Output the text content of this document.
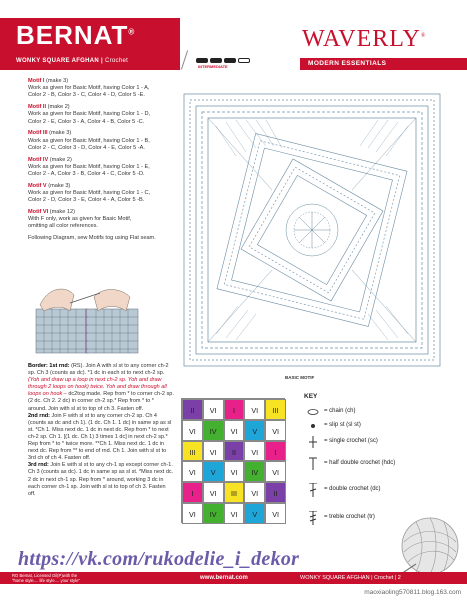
BERNAT®
WONKY SQUARE AFGHAN | Crochet
INTERMEDIATE
WAVERLY®
MODERN ESSENTIALS
Motif I (make 3)
Work as given for Basic Motif, having Color 1 - A,
Color 2 - B, Color 3 - C, Color 4 - D, Color 5 -E.
Motif II (make 2)
Work as given for Basic Motif, having Color 1 - D,
Color 2 - E, Color 3 - A, Color 4 - B, Color 5 -C.
Motif III (make 3)
Work as given for Basic Motif, having Color 1 - B,
Color 2 - C, Color 3 - D, Color 4 - E, Color 5 -A.
Motif IV (make 2)
Work as given for Basic Motif, having Color 1 - E,
Color 2 - A, Color 3 - B, Color 4 - C, Color 5 -D.
Motif V (make 3)
Work as given for Basic Motif, having Color 1 - C,
Color 2 - D, Color 3 - E, Color 4 - A, Color 5 -B.
Motif VI (make 12)
With F only, work as given for Basic Motif,
omitting all color references.
Following Diagram, sew Motifs tog using Flat seam.
Border: 1st rnd: (RS). Join A with sl st to any corner ch-2 sp. Ch 3 (counts as dc). *1 dc in each st to next ch-2 sp. (Yoh and draw up a loop in next ch-2 sp. Yoh and draw through 2 loops on hook) twice. Yoh and draw through all loops on hook – dc2tog made. Rep from * to corner ch-2 sp. (2 dc. Ch 2. 2 dc) in corner ch-2 sp.* Rep from * to * around. Join with sl st to top of ch 3. Fasten off.
2nd rnd: Join F with sl st to any corner ch-2 sp. Ch 4 (counts as dc and ch 1). (1 dc. Ch 1. 1 dc) in same sp as sl st. *Ch 1. Miss next dc. 1 dc in next dc. Rep from * to next ch-2 sp. Ch 1. [(1 dc. Ch 1) 3 times 1 dc] in next ch-2 sp.* Rep from * to * twice more. **Ch 1. Miss next dc. 1 dc in next dc. Rep from ** to end of rnd. Ch 1. Join with sl st to 3rd ch of ch 4. Fasten off.
3rd rnd: Join E with sl st to any ch-1 sp except corner ch-1. Ch 3 (counts as dc). 1 dc in same sp as sl st. *Miss next dc. 2 dc in next ch-1 sp. Rep from * around, working 3 dc in each corner ch-1 sp. Join with sl st to top of ch 3. Fasten off.
BASIC MOTIF
II	VI	I	VI	III
VI	IV	VI	V	VI
III	VI	II	VI	I
VI	V	VI	IV	VI
I	VI	III	VI	II
VI	IV	VI	V	VI
KEY
= chain (ch)
= slip st (sl st)
= single crochet (sc)
= half double crochet (hdc)
= double crochet (dc)
= treble crochet (tr)
RO Bernat, Licensed Oil(P)with the
"home style.... life style.... your style"	www.bernat.com	WONKY SQUARE AFGHAN | Crochet | 2
https://vk.com/rukodelie_i_dekor
maoxiaoling570811.blog.163.com
